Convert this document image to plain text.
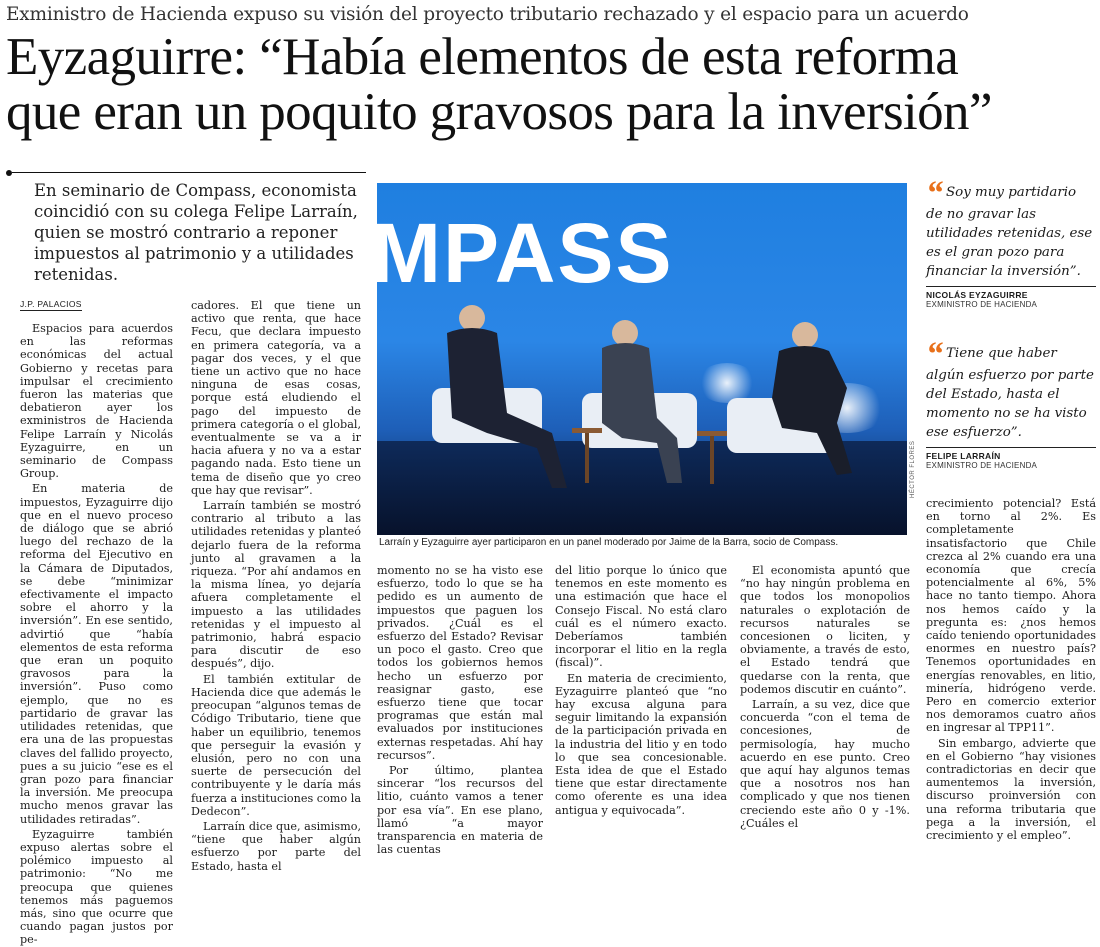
Exministro de Hacienda expuso su visión del proyecto tributario rechazado y el espacio para un acuerdo
Eyzaguirre: “Había elementos de esta reforma
que eran un poquito gravosos para la inversión”
En seminario de Compass, economista coincidió con su colega Felipe Larraín, quien se mostró contrario a reponer impuestos al patrimonio y a utilidades retenidas.
J.P. PALACIOS

Espacios para acuerdos en las reformas económicas del actual Gobierno y recetas para impulsar el crecimiento fueron las materias que debatieron ayer los exministros de Hacienda Felipe Larraín y Nicolás Eyzaguirre, en un seminario de Compass Group.

En materia de impuestos, Eyzaguirre dijo que en el nuevo proceso de diálogo que se abrió luego del rechazo de la reforma del Ejecutivo en la Cámara de Diputados, se debe “minimizar efectivamente el impacto sobre el ahorro y la inversión”. En ese sentido, advirtió que “había elementos de esta reforma que eran un poquito gravosos para la inversión”. Puso como ejemplo, que no es partidario de gravar las utilidades retenidas, que era una de las propuestas claves del fallido proyecto, pues a su juicio “ese es el gran pozo para financiar la inversión. Me preocupa mucho menos gravar las utilidades retiradas”.

Eyzaguirre también expuso alertas sobre el polémico impuesto al patrimonio: “No me preocupa que quienes tenemos más paguemos más, sino que ocurre que cuando pagan justos por pe-

cadores. El que tiene un activo que renta, que hace Fecu, que declara impuesto en primera categoría, va a pagar dos veces, y el que tiene un activo que no hace ninguna de esas cosas, porque está eludiendo el pago del impuesto de primera categoría o el global, eventualmente se va a ir hacia afuera y no va a estar pagando nada. Esto tiene un tema de diseño que yo creo que hay que revisar”.

Larraín también se mostró contrario al tributo a las utilidades retenidas y planteó dejarlo fuera de la reforma junto al gravamen a la riqueza. “Por ahí andamos en la misma línea, yo dejaría afuera completamente el impuesto a las utilidades retenidas y el impuesto al patrimonio, habrá espacio para discutir de eso después”, dijo.

El también extitular de Hacienda dice que además le preocupan “algunos temas de Código Tributario, tiene que haber un equilibrio, tenemos que perseguir la evasión y elusión, pero no con una suerte de persecución del contribuyente y le daría más fuerza a instituciones como la Dedecon”.

Larraín dice que, asimismo, “tiene que haber algún esfuerzo por parte del Estado, hasta el

MPASS
HÉCTOR FLORES
Larraín y Eyzaguirre ayer participaron en un panel moderado por Jaime de la Barra, socio de Compass.

momento no se ha visto ese esfuerzo, todo lo que se ha pedido es un aumento de impuestos que paguen los privados. ¿Cuál es el esfuerzo del Estado? Revisar un poco el gasto. Creo que todos los gobiernos hemos hecho un esfuerzo por reasignar gasto, ese esfuerzo tiene que tocar programas que están mal evaluados por instituciones externas respetadas. Ahí hay recursos”.

Por último, plantea sincerar “los recursos del litio, cuánto vamos a tener por esa vía”. En ese plano, llamó “a mayor transparencia en materia de las cuentas

del litio porque lo único que tenemos en este momento es una estimación que hace el Consejo Fiscal. No está claro cuál es el número exacto. Deberíamos también incorporar el litio en la regla (fiscal)”.

En materia de crecimiento, Eyzaguirre planteó que “no hay excusa alguna para seguir limitando la expansión de la participación privada en la industria del litio y en todo lo que sea concesionable. Esta idea de que el Estado tiene que estar directamente como oferente es una idea antigua y equivocada”.

El economista apuntó que “no hay ningún problema en que todos los monopolios naturales o explotación de recursos naturales se concesionen o liciten, y obviamente, a través de esto, el Estado tendrá que quedarse con la renta, que podemos discutir en cuánto”.

Larraín, a su vez, dice que concuerda “con el tema de concesiones, de permisología, hay mucho acuerdo en ese punto. Creo que aquí hay algunos temas que a nosotros nos han complicado y que nos tienen creciendo este año 0 y -1%. ¿Cuáles el

crecimiento potencial? Está en torno al 2%. Es completamente insatisfactorio que Chile crezca al 2% cuando era una economía que crecía potencialmente al 6%, 5% hace no tanto tiempo. Ahora nos hemos caído y la pregunta es: ¿nos hemos caído teniendo oportunidades enormes en nuestro país? Tenemos oportunidades en energías renovables, en litio, minería, hidrógeno verde. Pero en comercio exterior nos demoramos cuatro años en ingresar al TPP11”.

Sin embargo, advierte que en el Gobierno “hay visiones contradictorias en decir que aumentemos la inversión, discurso proinversión con una reforma tributaria que pega a la inversión, el crecimiento y el empleo”.

“ Soy muy partidario de no gravar las utilidades retenidas, ese es el gran pozo para financiar la inversión”.
NICOLÁS EYZAGUIRRE
EXMINISTRO DE HACIENDA
“ Tiene que haber algún esfuerzo por parte del Estado, hasta el momento no se ha visto ese esfuerzo”.
FELIPE LARRAÍN
EXMINISTRO DE HACIENDA
